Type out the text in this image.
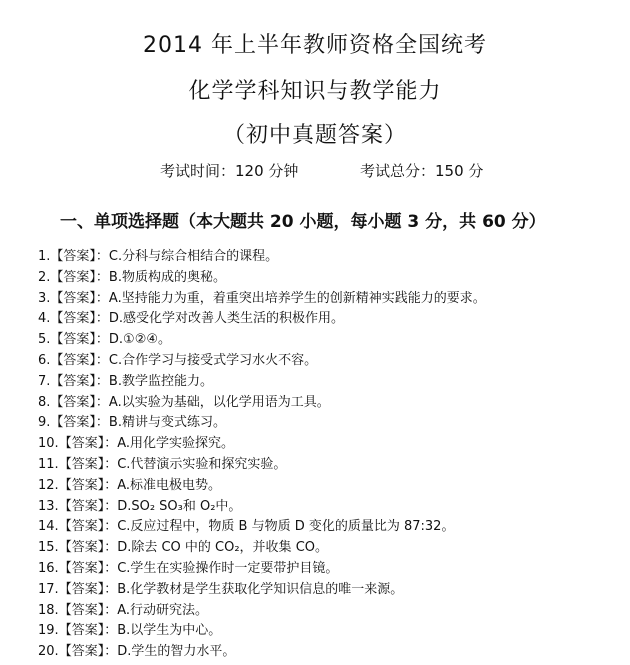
2014 年上半年教师资格全国统考
化学学科知识与教学能力
（初中真题答案）
考试时间：120 分钟	考试总分：150 分
一、单项选择题（本大题共 20 小题，每小题 3 分，共 60 分）
1.【答案】：C.分科与综合相结合的课程。
2.【答案】：B.物质构成的奥秘。
3.【答案】：A.坚持能力为重，着重突出培养学生的创新精神实践能力的要求。
4.【答案】：D.感受化学对改善人类生活的积极作用。
5.【答案】：D.①②④。
6.【答案】：C.合作学习与接受式学习水火不容。
7.【答案】：B.教学监控能力。
8.【答案】：A.以实验为基础，以化学用语为工具。
9.【答案】：B.精讲与变式练习。
10.【答案】：A.用化学实验探究。
11.【答案】：C.代替演示实验和探究实验。
12.【答案】：A.标准电极电势。
13.【答案】：D.SO₂ SO₃和 O₂中。
14.【答案】：C.反应过程中，物质 B 与物质 D 变化的质量比为 87:32。
15.【答案】：D.除去 CO 中的 CO₂，并收集 CO。
16.【答案】：C.学生在实验操作时一定要带护目镜。
17.【答案】：B.化学教材是学生获取化学知识信息的唯一来源。
18.【答案】：A.行动研究法。
19.【答案】：B.以学生为中心。
20.【答案】：D.学生的智力水平。
